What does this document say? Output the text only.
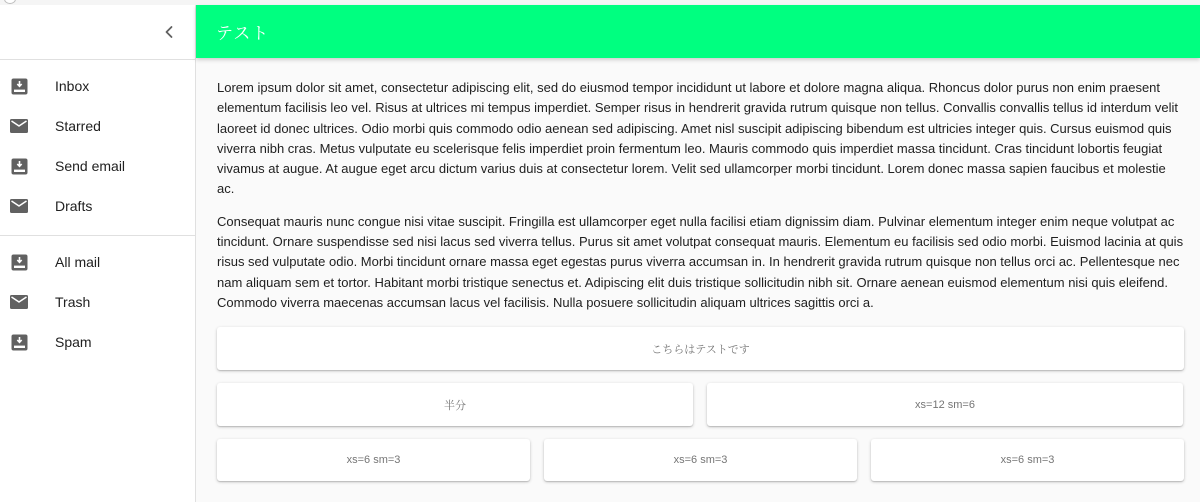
Inbox
Starred
Send email
Drafts
All mail
Trash
Spam
テスト

Lorem ipsum dolor sit amet, consectetur adipiscing elit, sed do eiusmod tempor incididunt ut labore et dolore magna aliqua. Rhoncus dolor purus non enim praesent elementum facilisis leo vel. Risus at ultrices mi tempus imperdiet. Semper risus in hendrerit gravida rutrum quisque non tellus. Convallis convallis tellus id interdum velit laoreet id donec ultrices. Odio morbi quis commodo odio aenean sed adipiscing. Amet nisl suscipit adipiscing bibendum est ultricies integer quis. Cursus euismod quis viverra nibh cras. Metus vulputate eu scelerisque felis imperdiet proin fermentum leo. Mauris commodo quis imperdiet massa tincidunt. Cras tincidunt lobortis feugiat vivamus at augue. At augue eget arcu dictum varius duis at consectetur lorem. Velit sed ullamcorper morbi tincidunt. Lorem donec massa sapien faucibus et molestie ac.

Consequat mauris nunc congue nisi vitae suscipit. Fringilla est ullamcorper eget nulla facilisi etiam dignissim diam. Pulvinar elementum integer enim neque volutpat ac tincidunt. Ornare suspendisse sed nisi lacus sed viverra tellus. Purus sit amet volutpat consequat mauris. Elementum eu facilisis sed odio morbi. Euismod lacinia at quis risus sed vulputate odio. Morbi tincidunt ornare massa eget egestas purus viverra accumsan in. In hendrerit gravida rutrum quisque non tellus orci ac. Pellentesque nec nam aliquam sem et tortor. Habitant morbi tristique senectus et. Adipiscing elit duis tristique sollicitudin nibh sit. Ornare aenean euismod elementum nisi quis eleifend. Commodo viverra maecenas accumsan lacus vel facilisis. Nulla posuere sollicitudin aliquam ultrices sagittis orci a.

こちらはテストです
半分	xs=12 sm=6
xs=6 sm=3	xs=6 sm=3	xs=6 sm=3
